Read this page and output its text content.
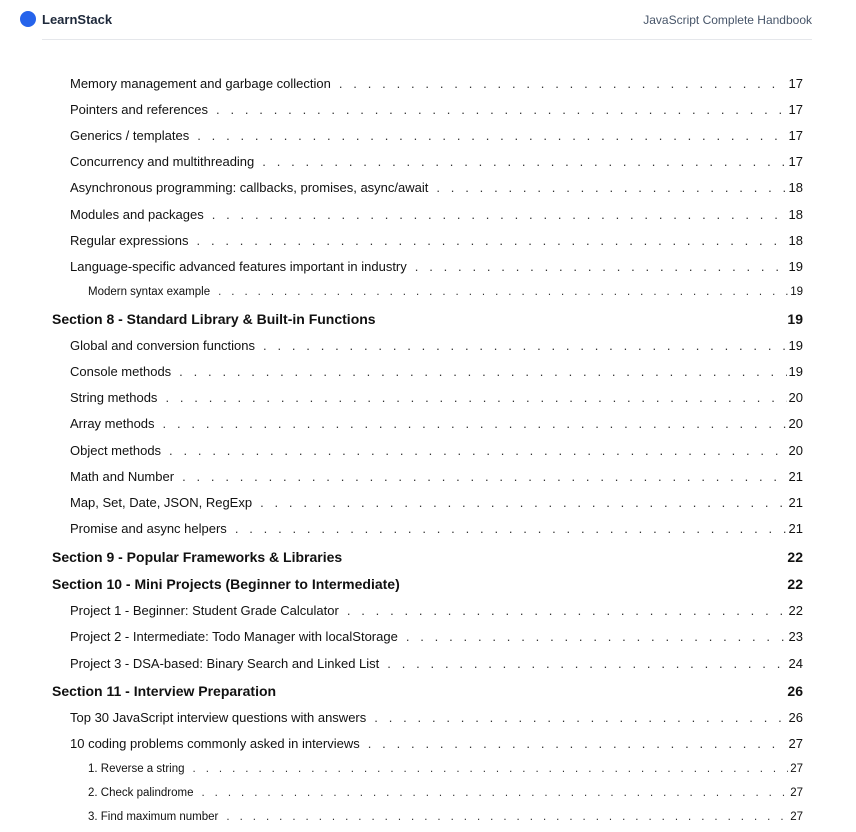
LearnStack	JavaScript Complete Handbook
Memory management and garbage collection . . .	17
Pointers and references . . .	17
Generics / templates . . .	17
Concurrency and multithreading . . .	17
Asynchronous programming: callbacks, promises, async/await . . .	18
Modules and packages . . .	18
Regular expressions . . .	18
Language-specific advanced features important in industry . . .	19
Modern syntax example . . .	19
Section 8 - Standard Library & Built-in Functions	19
Global and conversion functions . . .	19
Console methods . . .	19
String methods . . .	20
Array methods . . .	20
Object methods . . .	20
Math and Number . . .	21
Map, Set, Date, JSON, RegExp . . .	21
Promise and async helpers . . .	21
Section 9 - Popular Frameworks & Libraries	22
Section 10 - Mini Projects (Beginner to Intermediate)	22
Project 1 - Beginner: Student Grade Calculator . . .	22
Project 2 - Intermediate: Todo Manager with localStorage . . .	23
Project 3 - DSA-based: Binary Search and Linked List . . .	24
Section 11 - Interview Preparation	26
Top 30 JavaScript interview questions with answers . . .	26
10 coding problems commonly asked in interviews . . .	27
1. Reverse a string . . .	27
2. Check palindrome . . .	27
3. Find maximum number . . .	27
